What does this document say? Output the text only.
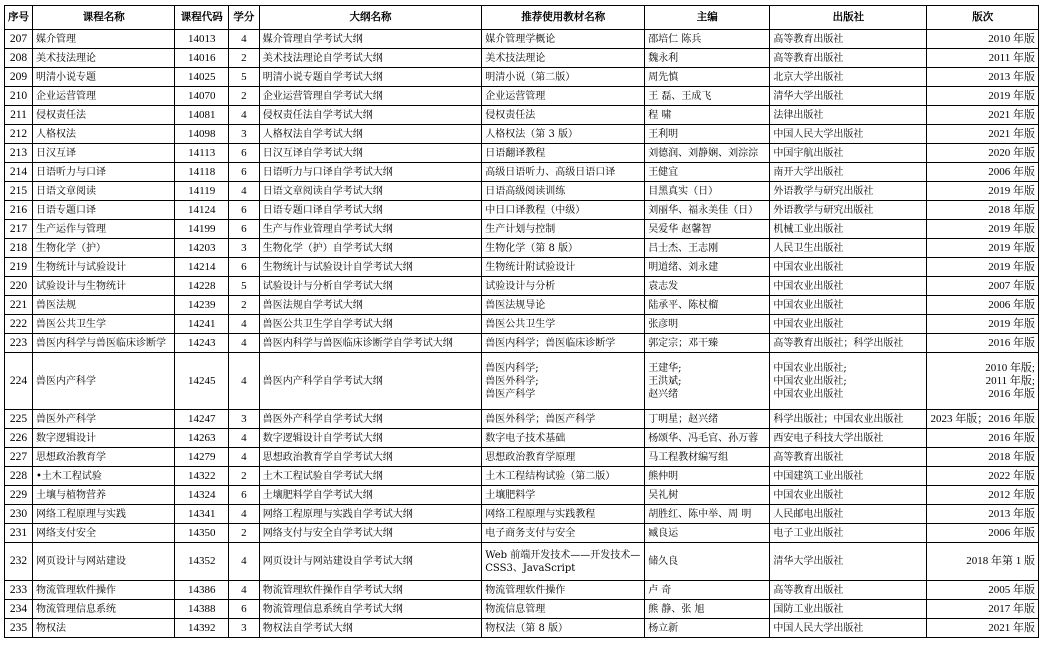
序号	课程名称	课程代码	学分	大纲名称	推荐使用教材名称	主编	出版社	版次
207	媒介管理	14013	4	媒介管理自学考试大纲	媒介管理学概论	邵培仁 陈兵	高等教育出版社	2010 年版

208	美术技法理论	14016	2	美术技法理论自学考试大纲	美术技法理论	魏永利	高等教育出版社	2011 年版

209	明清小说专题	14025	5	明清小说专题自学考试大纲	明清小说（第二版）	周先慎	北京大学出版社	2013 年版

210	企业运营管理	14070	2	企业运营管理自学考试大纲	企业运营管理	王 磊、王成飞	清华大学出版社	2019 年版

211	侵权责任法	14081	4	侵权责任法自学考试大纲	侵权责任法	程 啸	法律出版社	2021 年版

212	人格权法	14098	3	人格权法自学考试大纲	人格权法（第 3 版）	王利明	中国人民大学出版社	2021 年版

213	日汉互译	14113	6	日汉互译自学考试大纲	日语翻译教程	刘德润、刘静娴、刘淙淙	中国宇航出版社	2020 年版

214	日语听力与口译	14118	6	日语听力与口译自学考试大纲	高级日语听力、高级日语口译	王健宜	南开大学出版社	2006 年版

215	日语文章阅读	14119	4	日语文章阅读自学考试大纲	日语高级阅读训练	目黑真实（日）	外语教学与研究出版社	2019 年版

216	日语专题口译	14124	6	日语专题口译自学考试大纲	中日口译教程（中级）	刘丽华、福永美佳（日）	外语教学与研究出版社	2018 年版

217	生产运作与管理	14199	6	生产与作业管理自学考试大纲	生产计划与控制	吴爱华 赵馨智	机械工业出版社	2019 年版

218	生物化学（护）	14203	3	生物化学（护）自学考试大纲	生物化学（第 8 版）	吕士杰、王志刚	人民卫生出版社	2019 年版

219	生物统计与试验设计	14214	6	生物统计与试验设计自学考试大纲	生物统计附试验设计	明道绪、刘永建	中国农业出版社	2019 年版

220	试验设计与生物统计	14228	5	试验设计与分析自学考试大纲	试验设计与分析	袁志发	中国农业出版社	2007 年版

221	兽医法规	14239	2	兽医法规自学考试大纲	兽医法规导论	陆承平、陈杖榴	中国农业出版社	2006 年版

222	兽医公共卫生学	14241	4	兽医公共卫生学自学考试大纲	兽医公共卫生学	张彦明	中国农业出版社	2019 年版

223	兽医内科学与兽医临床诊断学	14243	4	兽医内科学与兽医临床诊断学自学考试大纲	兽医内科学；兽医临床诊断学	郭定宗；邓干臻	高等教育出版社；科学出版社	2016 年版

224	兽医内产科学	14245	4	兽医内产科学自学考试大纲	兽医内科学;
兽医外科学;
兽医产科学	王建华;
王洪斌;
赵兴绪	中国农业出版社;
中国农业出版社;
中国农业出版社	2010 年版;
2011 年版;
2016 年版

225	兽医外产科学	14247	3	兽医外产科学自学考试大纲	兽医外科学；兽医产科学	丁明星；赵兴绪	科学出版社；中国农业出版社	2023 年版；2016 年版

226	数字逻辑设计	14263	4	数字逻辑设计自学考试大纲	数字电子技术基础	杨颂华、冯毛官、孙万蓉	西安电子科技大学出版社	2016 年版

227	思想政治教育学	14279	4	思想政治教育学自学考试大纲	思想政治教育学原理	马工程教材编写组	高等教育出版社	2018 年版

228	•土木工程试验	14322	2	土木工程试验自学考试大纲	土木工程结构试验（第二版）	熊仲明	中国建筑工业出版社	2022 年版

229	土壤与植物营养	14324	6	土壤肥料学自学考试大纲	土壤肥料学	吴礼树	中国农业出版社	2012 年版

230	网络工程原理与实践	14341	4	网络工程原理与实践自学考试大纲	网络工程原理与实践教程	胡胜红、陈中举、周 明	人民邮电出版社	2013 年版

231	网络支付安全	14350	2	网络支付与安全自学考试大纲	电子商务支付与安全	臧良运	电子工业出版社	2006 年版

232	网页设计与网站建设	14352	4	网页设计与网站建设自学考试大纲	Web 前端开发技术——开发技术—
CSS3、JavaScript	储久良	清华大学出版社	2018 年第 1 版

233	物流管理软件操作	14386	4	物流管理软件操作自学考试大纲	物流管理软件操作	卢 奇	高等教育出版社	2005 年版

234	物流管理信息系统	14388	6	物流管理信息系统自学考试大纲	物流信息管理	熊 静、张 旭	国防工业出版社	2017 年版

235	物权法	14392	3	物权法自学考试大纲	物权法（第 8 版）	杨立新	中国人民大学出版社	2021 年版
